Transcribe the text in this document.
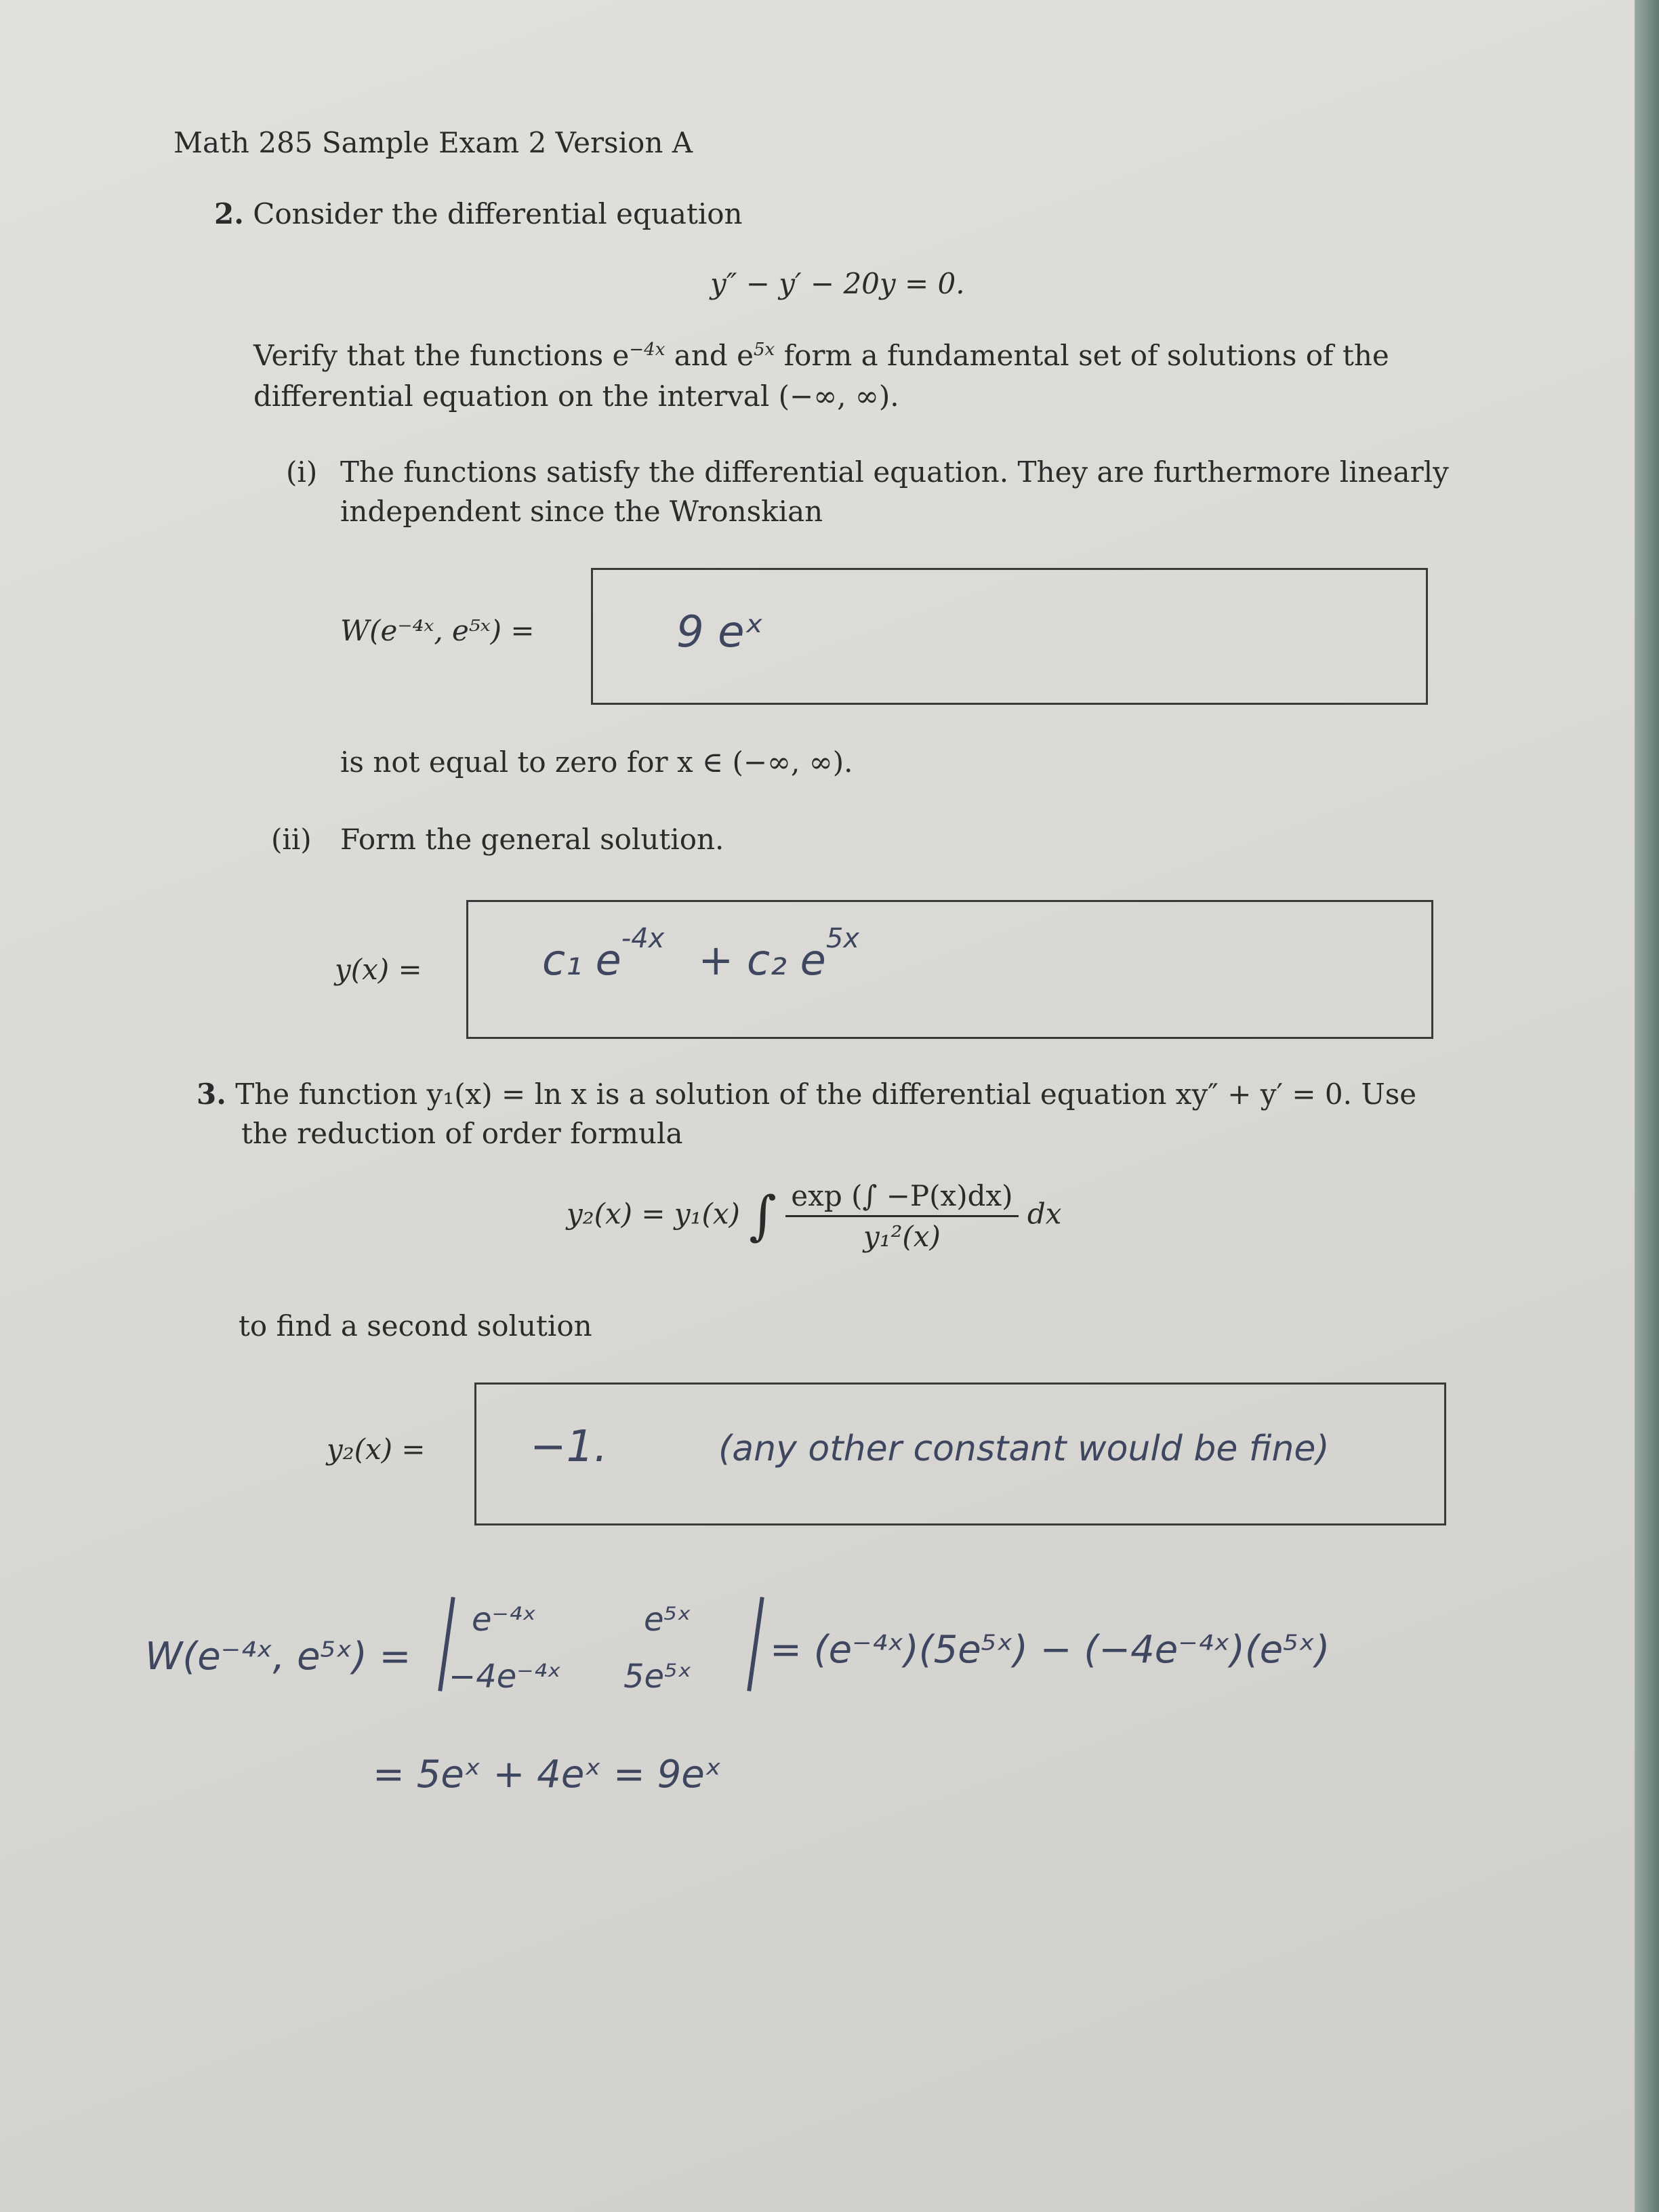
Math 285 Sample Exam 2 Version A
2. Consider the differential equation
y″ − y′ − 20y = 0.
Verify that the functions $e^{-4x}$ and $e^{5x}$ form a fundamental set of solutions of the
differential equation on the interval (−∞, ∞).
(i) The functions satisfy the differential equation. They are furthermore linearly
independent since the Wronskian
W(e⁻⁴ˣ, e⁵ˣ) =	9 eˣ
is not equal to zero for x ∈ (−∞, ∞).
(ii) Form the general solution.
y(x) =	c₁ $e^{-4x} + c_2$ $e^{5x}$
3. The function y₁(x) = ln x is a solution of the differential equation xy″ + y′ = 0. Use
the reduction of order formula
y₂(x) = y₁(x) ∫ $\frac{\exp (\int -P(x)dx)}{\text{y₁²(x)}}$ dx
to find a second solution
y₂(x) = −1.	(any other constant would be fine)
W(e⁻⁴ˣ, e⁵ˣ) =
e⁻⁴ˣ	e⁵ˣ
−4e⁻⁴ˣ 5e⁵ˣ
= (e⁻⁴ˣ)(5e⁵ˣ) − (−4e⁻⁴ˣ)(e⁵ˣ)
= 5eˣ + 4eˣ = 9eˣ
